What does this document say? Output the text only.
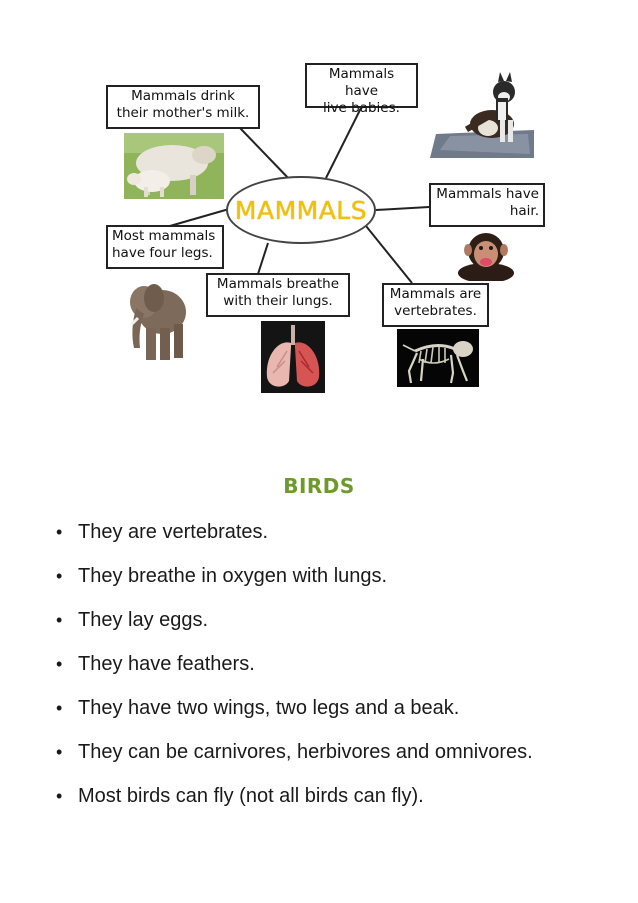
MAMMALS
Mammals drink
their mother's milk.
Mammals have
live babies.
Mammals have
hair.
Most mammals
have four legs.
Mammals breathe
with their lungs.	Mammals are
vertebrates.
BIRDS
• They are vertebrates.
• They breathe in oxygen with lungs.
• They lay eggs.
• They have feathers.
• They have two wings, two legs and a beak.
• They can be carnivores, herbivores and omnivores.
• Most birds can fly (not all birds can fly).
